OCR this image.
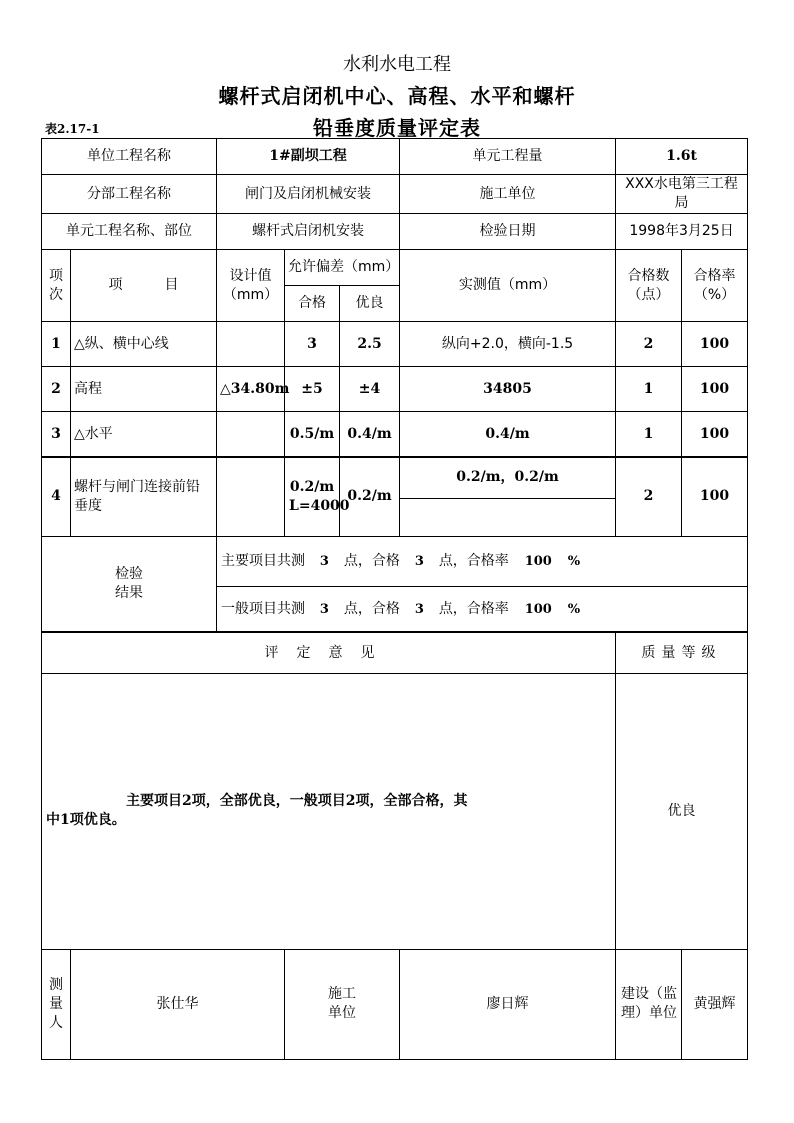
水利水电工程
螺杆式启闭机中心、高程、水平和螺杆
铅垂度质量评定表
表2.17-1
单位工程名称		1#副坝工程			单元工程量	1.6t	
分部工程名称		闸门及启闭机械安装			施工单位	XXX水电第三工程局	
单元工程名称、部位		螺杆式启闭机安装			检验日期	1998年3月25日	
项次	项　　　目	设计值（mm）	允许偏差（mm）		实测值（mm）	合格数（点）	合格率（%）
			合格	优良			
1	△纵、横中心线		3	2.5	纵向+2.0，横向-1.5	2	100
2	高程	△34.80m	±5	±4	34805	1	100
3	△水平		0.5/m	0.4/m	0.4/m	1	100
4	螺杆与闸门连接前铅垂度		0.2/m L=4000	0.2/m	0.2/m，0.2/m	2	100

检验结果		主要项目共测 3 点，合格 3 点，合格率 100 %					
		一般项目共测 3 点，合格 3 点，合格率 100 %					
评定意见						质量等级	
主要项目2项，全部优良，一般项目2项，全部合格，其
中1项优良。						优良	
测量人	张仕华		施工单位		廖日辉	建设（监理）单位	黄强辉
